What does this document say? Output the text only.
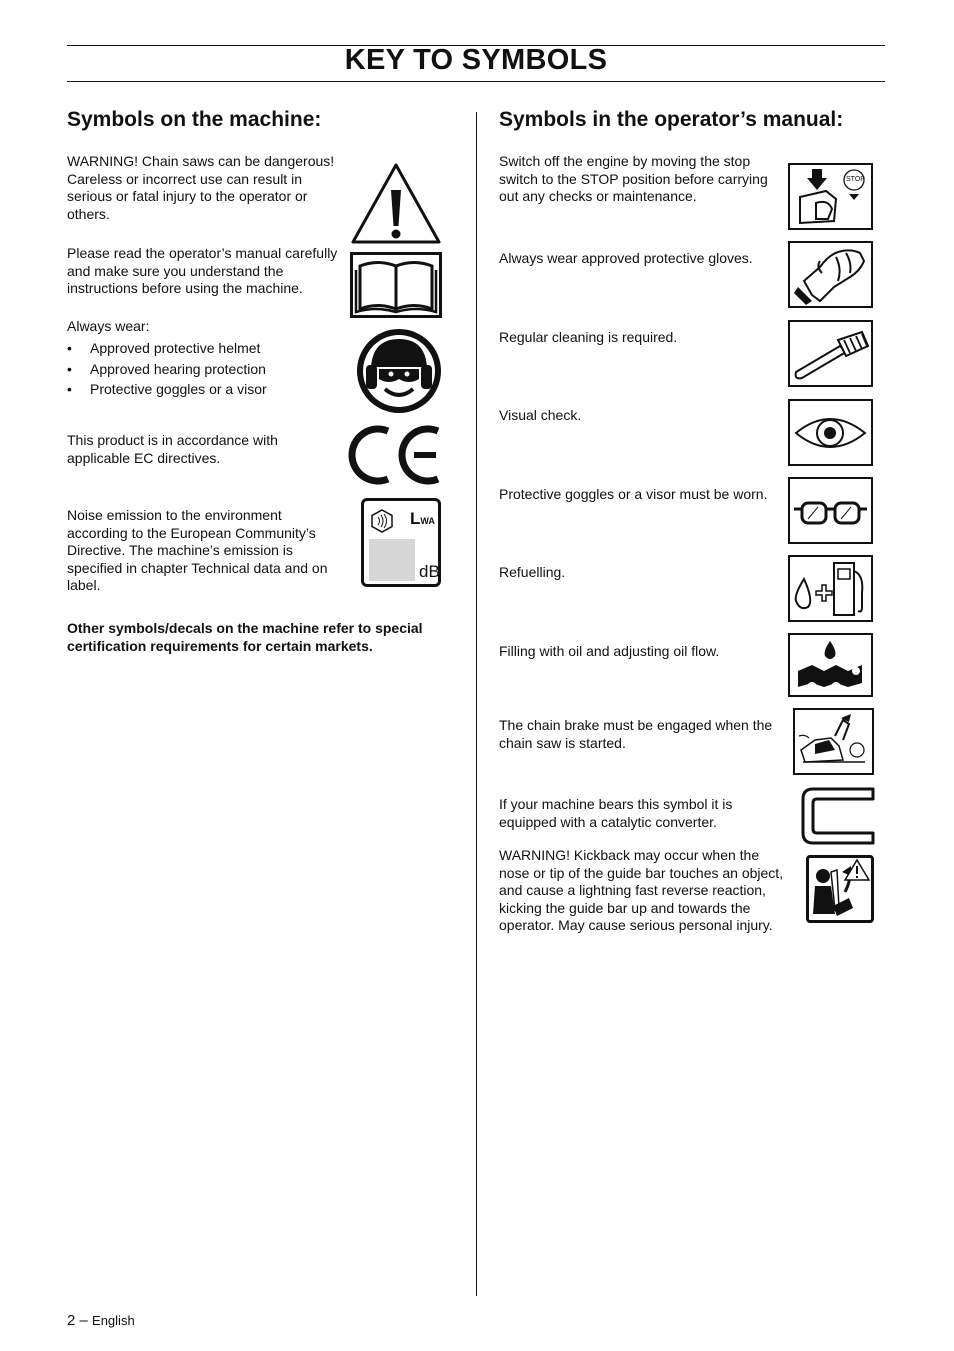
KEY TO SYMBOLS
Symbols on the machine:

WARNING! Chain saws can be dangerous! Careless or incorrect use can result in serious or fatal injury to the operator or others.

Please read the operator’s manual carefully and make sure you understand the instructions before using the machine.

Always wear:

• Approved protective helmet
• Approved hearing protection
• Protective goggles or a visor

This product is in accordance with applicable EC directives.

Noise emission to the environment according to the European Community’s Directive. The machine’s emission is specified in chapter Technical data and on label.

LWA
dB

Other symbols/decals on the machine refer to special certification requirements for certain markets.

Symbols in the operator’s manual:

Switch off the engine by moving the stop switch to the STOP position before carrying out any checks or maintenance.

STOP

Always wear approved protective gloves.

Regular cleaning is required.

Visual check.

Protective goggles or a visor must be worn.

Refuelling.

Filling with oil and adjusting oil flow.

The chain brake must be engaged when the chain saw is started.

If your machine bears this symbol it is equipped with a catalytic converter.

WARNING! Kickback may occur when the nose or tip of the guide bar touches an object, and cause a lightning fast reverse reaction, kicking the guide bar up and towards the operator. May cause serious personal injury.

2 – English
